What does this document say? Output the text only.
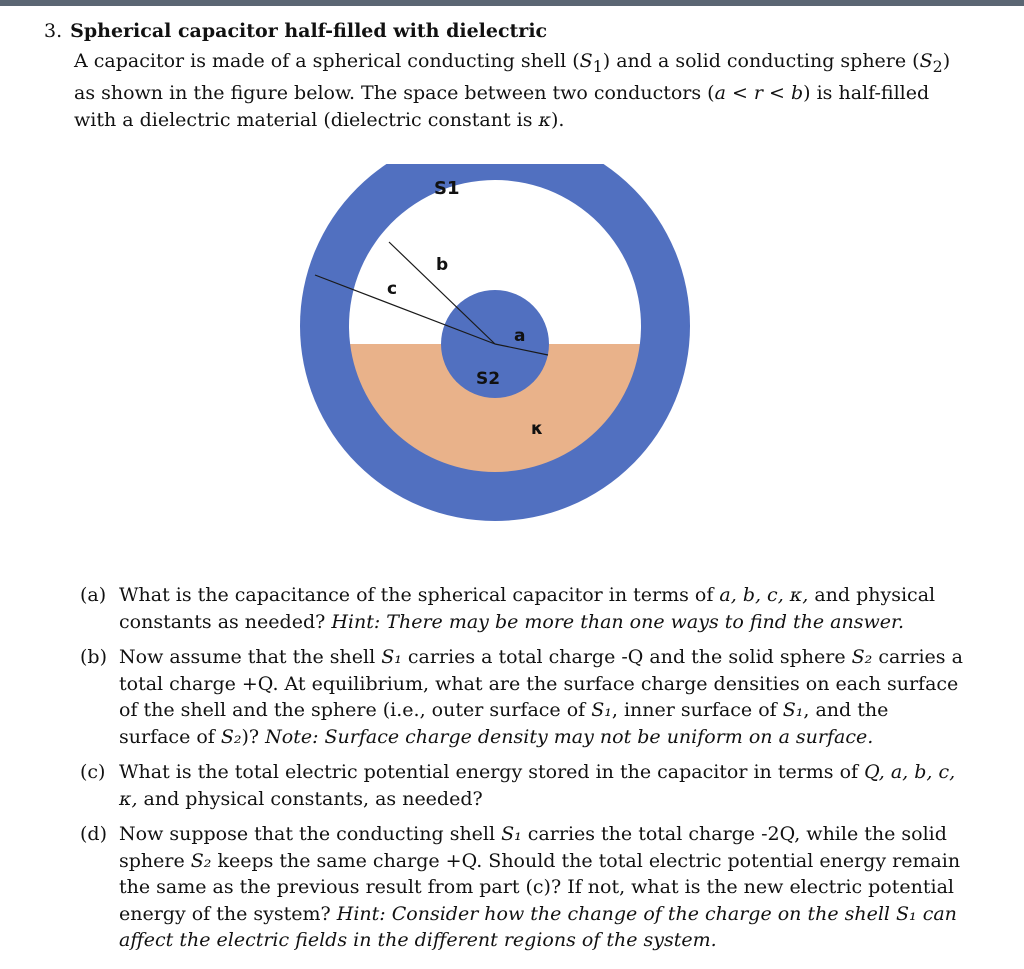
3. Spherical capacitor half-filled with dielectric
A capacitor is made of a spherical conducting shell $(S_1)$ and a solid conducting sphere $(S_2)$ as shown in the figure below. The space between two conductors (a < r < b) is half-filled with a dielectric material (dielectric constant is κ).
S1
b
c
a
S2
κ
(a) What is the capacitance of the spherical capacitor in terms of a, b, c, κ, and physical constants as needed? Hint: There may be more than one ways to find the answer.
(b) Now assume that the shell S₁ carries a total charge -Q and the solid sphere S₂ carries a total charge +Q. At equilibrium, what are the surface charge densities on each surface of the shell and the sphere (i.e., outer surface of S₁, inner surface of S₁, and the surface of S₂)? Note: Surface charge density may not be uniform on a surface.
(c) What is the total electric potential energy stored in the capacitor in terms of Q, a, b, c, κ, and physical constants, as needed?
(d) Now suppose that the conducting shell S₁ carries the total charge -2Q, while the solid sphere S₂ keeps the same charge +Q. Should the total electric potential energy remain the same as the previous result from part (c)? If not, what is the new electric potential energy of the system? Hint: Consider how the change of the charge on the shell S₁ can affect the electric fields in the different regions of the system.
